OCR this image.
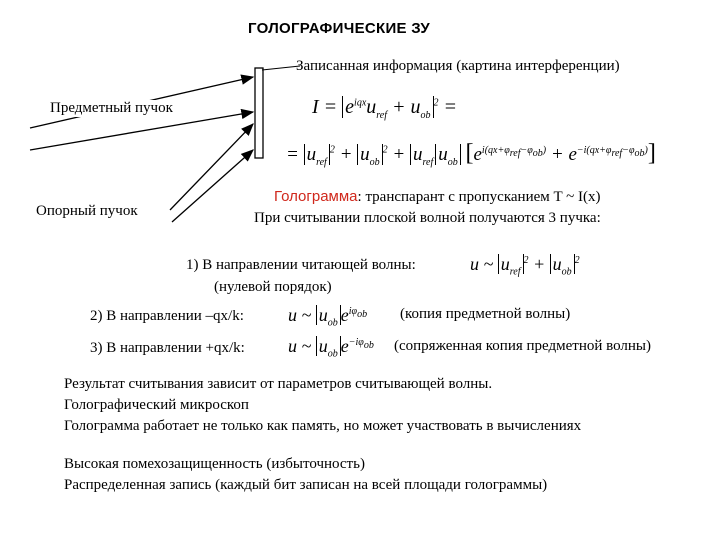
ГОЛОГРАФИЧЕСКИЕ ЗУ
Записанная информация (картина интерференции)
Предметный пучок
Опорный пучок
$I = e^{iqx}u_{ref} + u_{ob}^2$ =
= $u_{ref}^2 + u_{ob}^2 + u_{ref}$ $u_{ob}$ $[e^{i(qx+\varphi_{ref}-\varphi_{ob})} + e^{-i(qx+\varphi_{ref}-\varphi_{ob})}]$
Голограмма: транспарант с пропусканием T ~ I(x)
При считывании плоской волной получаются 3 пучка:
1) В направлении читающей волны:
(нулевой порядок)
u ~ $u_{ref}^2 + u_{ob}^2$
2) В направлении –qx/k: u ~ $u_{ob}$ $e^{i\varphi_{ob}}$ (копия предметной волны)
3) В направлении +qx/k: u ~ $u_{ob}$ $e^{-i\varphi_{ob}}$ (сопряженная копия предметной волны)
Результат считывания зависит от параметров считывающей волны.
Голографический микроскоп
Голограмма работает не только как память, но может участвовать в вычислениях
Высокая помехозащищенность (избыточность)
Распределенная запись (каждый бит записан на всей площади голограммы)
